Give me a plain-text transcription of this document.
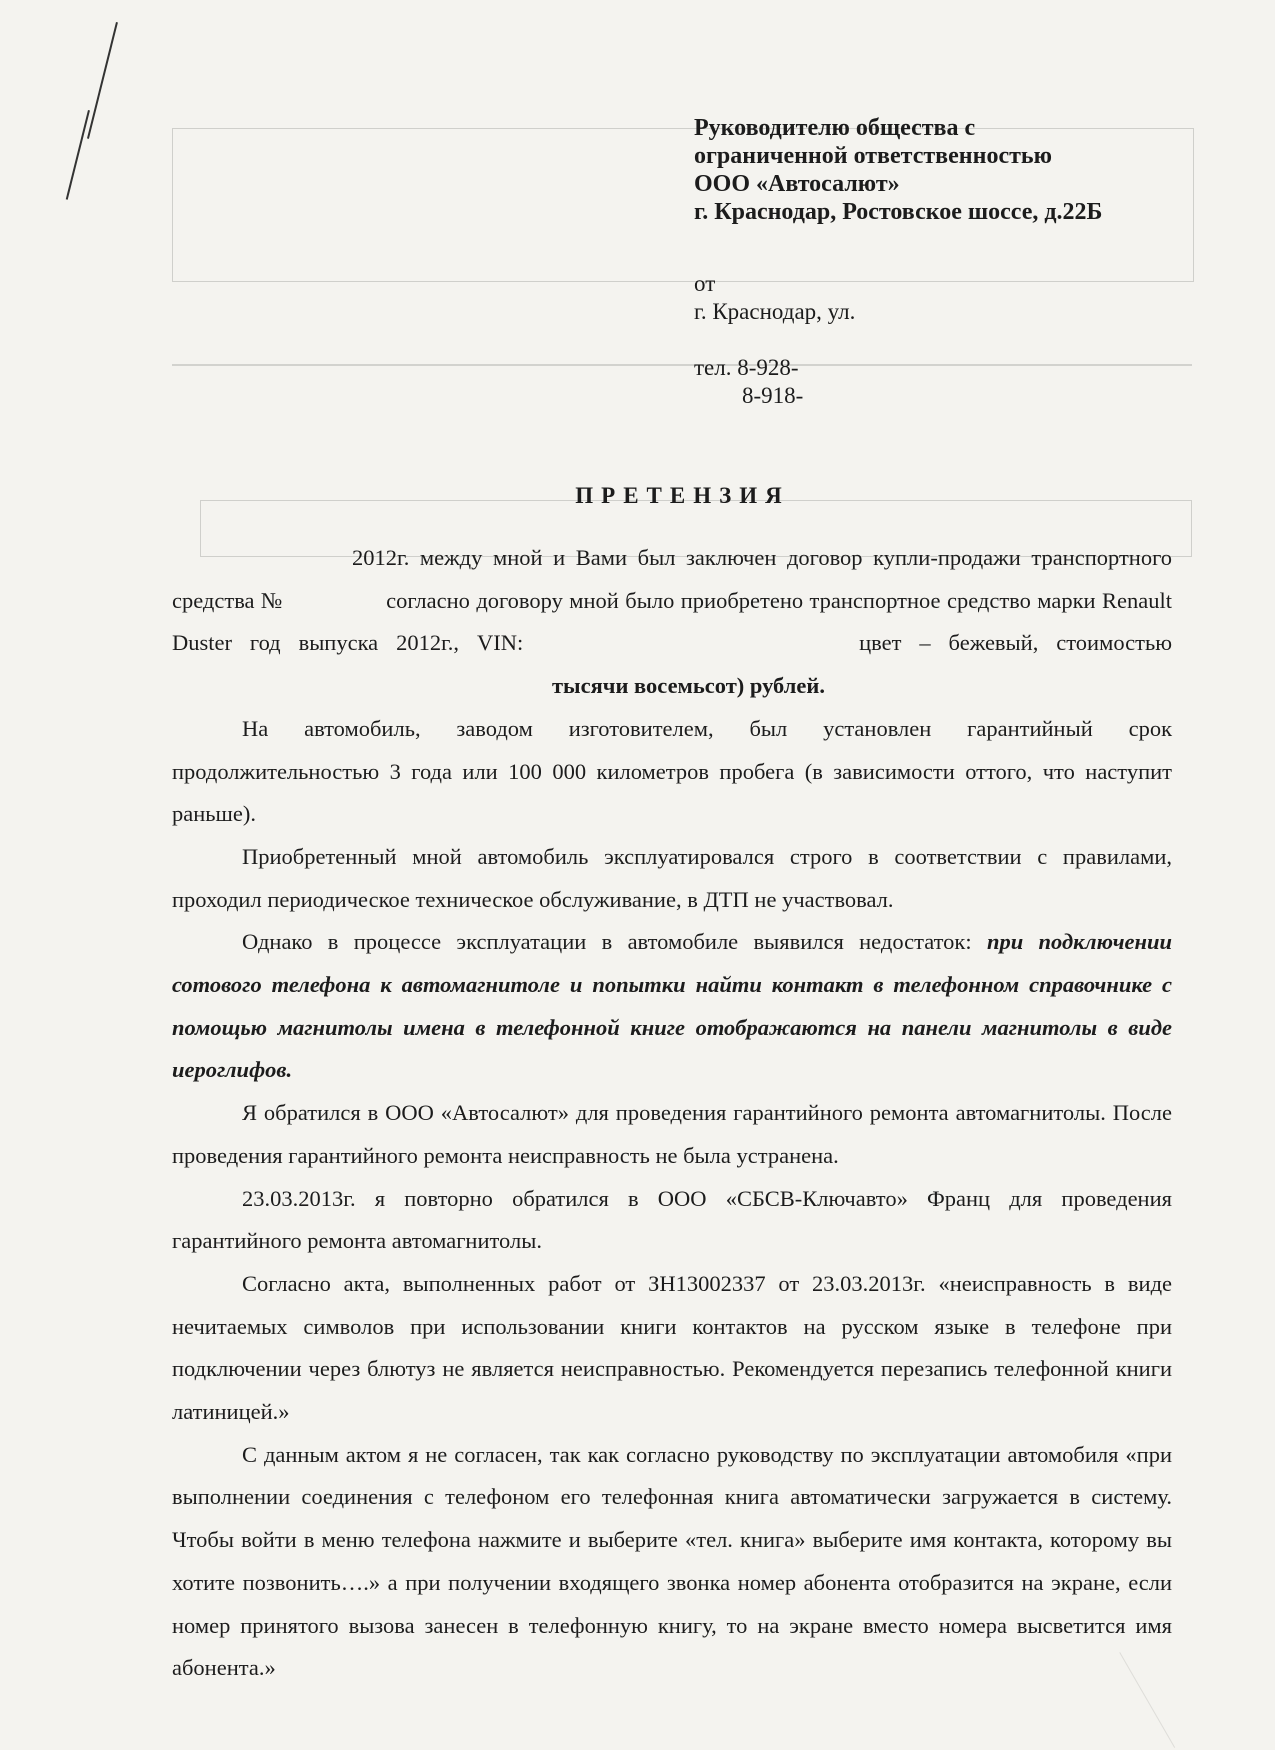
Руководителю общества с
ограниченной ответственностью
ООО «Автосалют»
г. Краснодар, Ростовское шоссе, д.22Б
от
г. Краснодар, ул.
тел. 8-928-
8-918-
ПРЕТЕНЗИЯ

2012г. между мной и Вами был заключен договор купли-продажи транспортного средства №	согласно договору мной было приобретено транспортное средство марки Renault Duster год выпуска 2012г., VIN:	цвет – бежевый, стоимостью тысячи восемьсот) рублей.

На автомобиль, заводом изготовителем, был установлен гарантийный срок продолжительностью 3 года или 100 000 километров пробега (в зависимости оттого, что наступит раньше).

Приобретенный мной автомобиль эксплуатировался строго в соответствии с правилами, проходил периодическое техническое обслуживание, в ДТП не участвовал.

Однако в процессе эксплуатации в автомобиле выявился недостаток: при подключении сотового телефона к автомагнитоле и попытки найти контакт в телефонном справочнике с помощью магнитолы имена в телефонной книге отображаются на панели магнитолы в виде иероглифов.

Я обратился в ООО «Автосалют» для проведения гарантийного ремонта автомагнитолы. После проведения гарантийного ремонта неисправность не была устранена.

23.03.2013г. я повторно обратился в ООО «СБСВ-Ключавто» Франц для проведения гарантийного ремонта автомагнитолы.

Согласно акта, выполненных работ от ЗН13002337 от 23.03.2013г. «неисправность в виде нечитаемых символов при использовании книги контактов на русском языке в телефоне при подключении через блютуз не является неисправностью. Рекомендуется перезапись телефонной книги латиницей.»

С данным актом я не согласен, так как согласно руководству по эксплуатации автомобиля «при выполнении соединения с телефоном его телефонная книга автоматически загружается в систему. Чтобы войти в меню телефона нажмите и выберите «тел. книга» выберите имя контакта, которому вы хотите позвонить….» а при получении входящего звонка номер абонента отобразится на экране, если номер принятого вызова занесен в телефонную книгу, то на экране вместо номера высветится имя абонента.»
